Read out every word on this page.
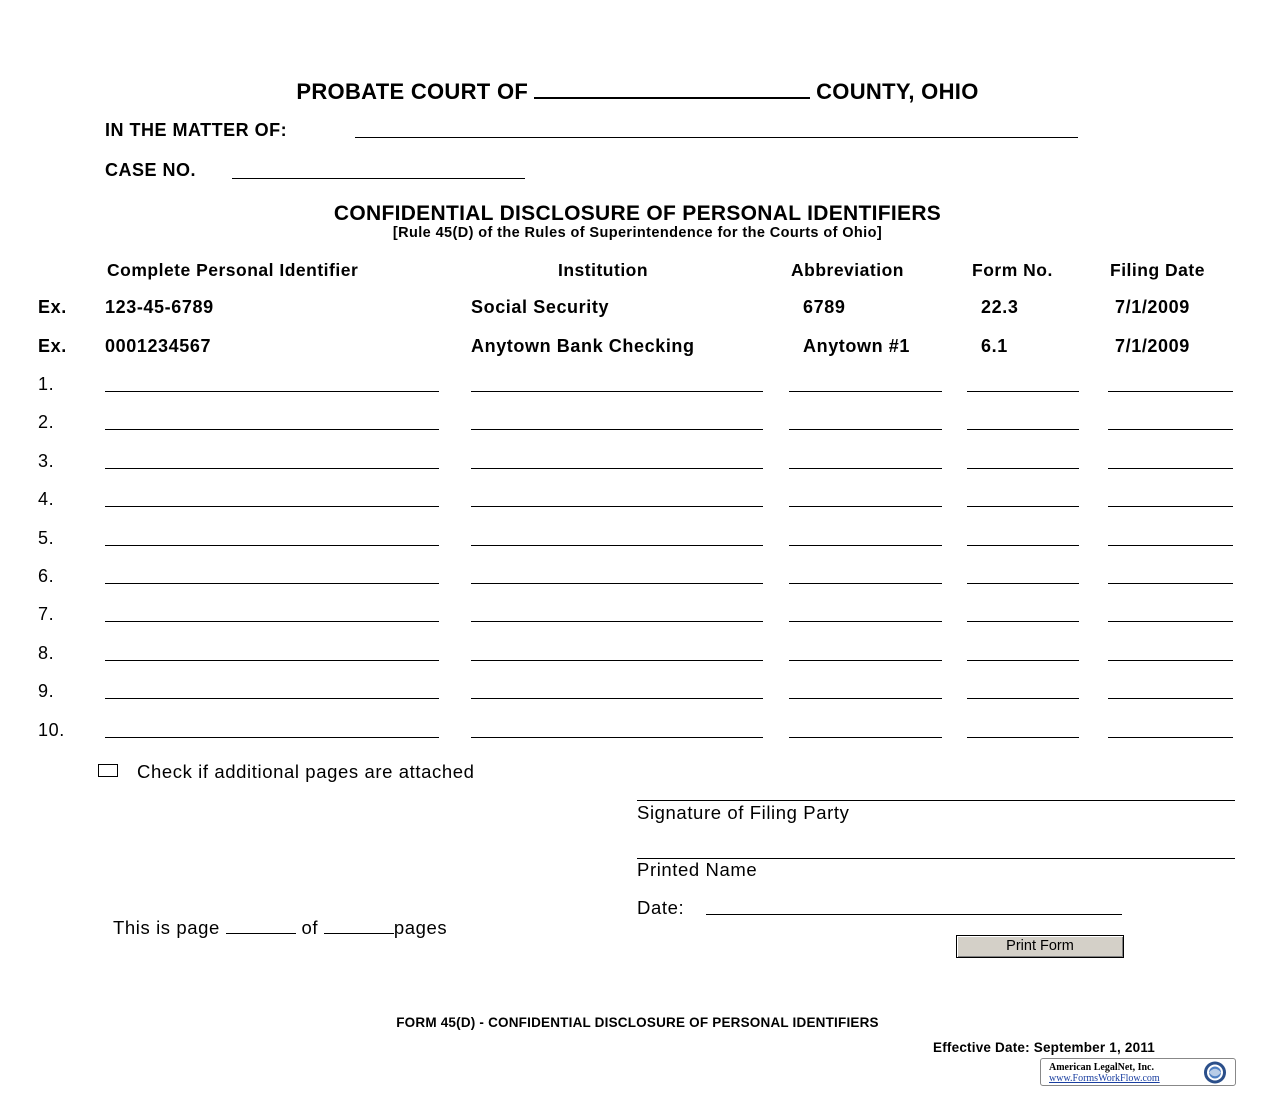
PROBATE COURT OF	COUNTY, OHIO
IN THE MATTER OF:
CASE NO.
CONFIDENTIAL DISCLOSURE OF PERSONAL IDENTIFIERS
[Rule 45(D) of the Rules of Superintendence for the Courts of Ohio]
Complete Personal Identifier	Institution	Abbreviation	Form No.	Filing Date
Ex. 123-45-6789	Social Security	6789	22.3	7/1/2009
Ex. 0001234567	Anytown Bank Checking	Anytown #1	6.1	7/1/2009
1.
2.
3.
4.
5.
6.
7.
8.
9.
10.
Check if additional pages are attached
Signature of Filing Party
Printed Name
Date:
This is page	of	pages
Print Form
FORM 45(D) - CONFIDENTIAL DISCLOSURE OF PERSONAL IDENTIFIERS
Effective Date: September 1, 2011
American LegalNet, Inc.
www.FormsWorkFlow.com
